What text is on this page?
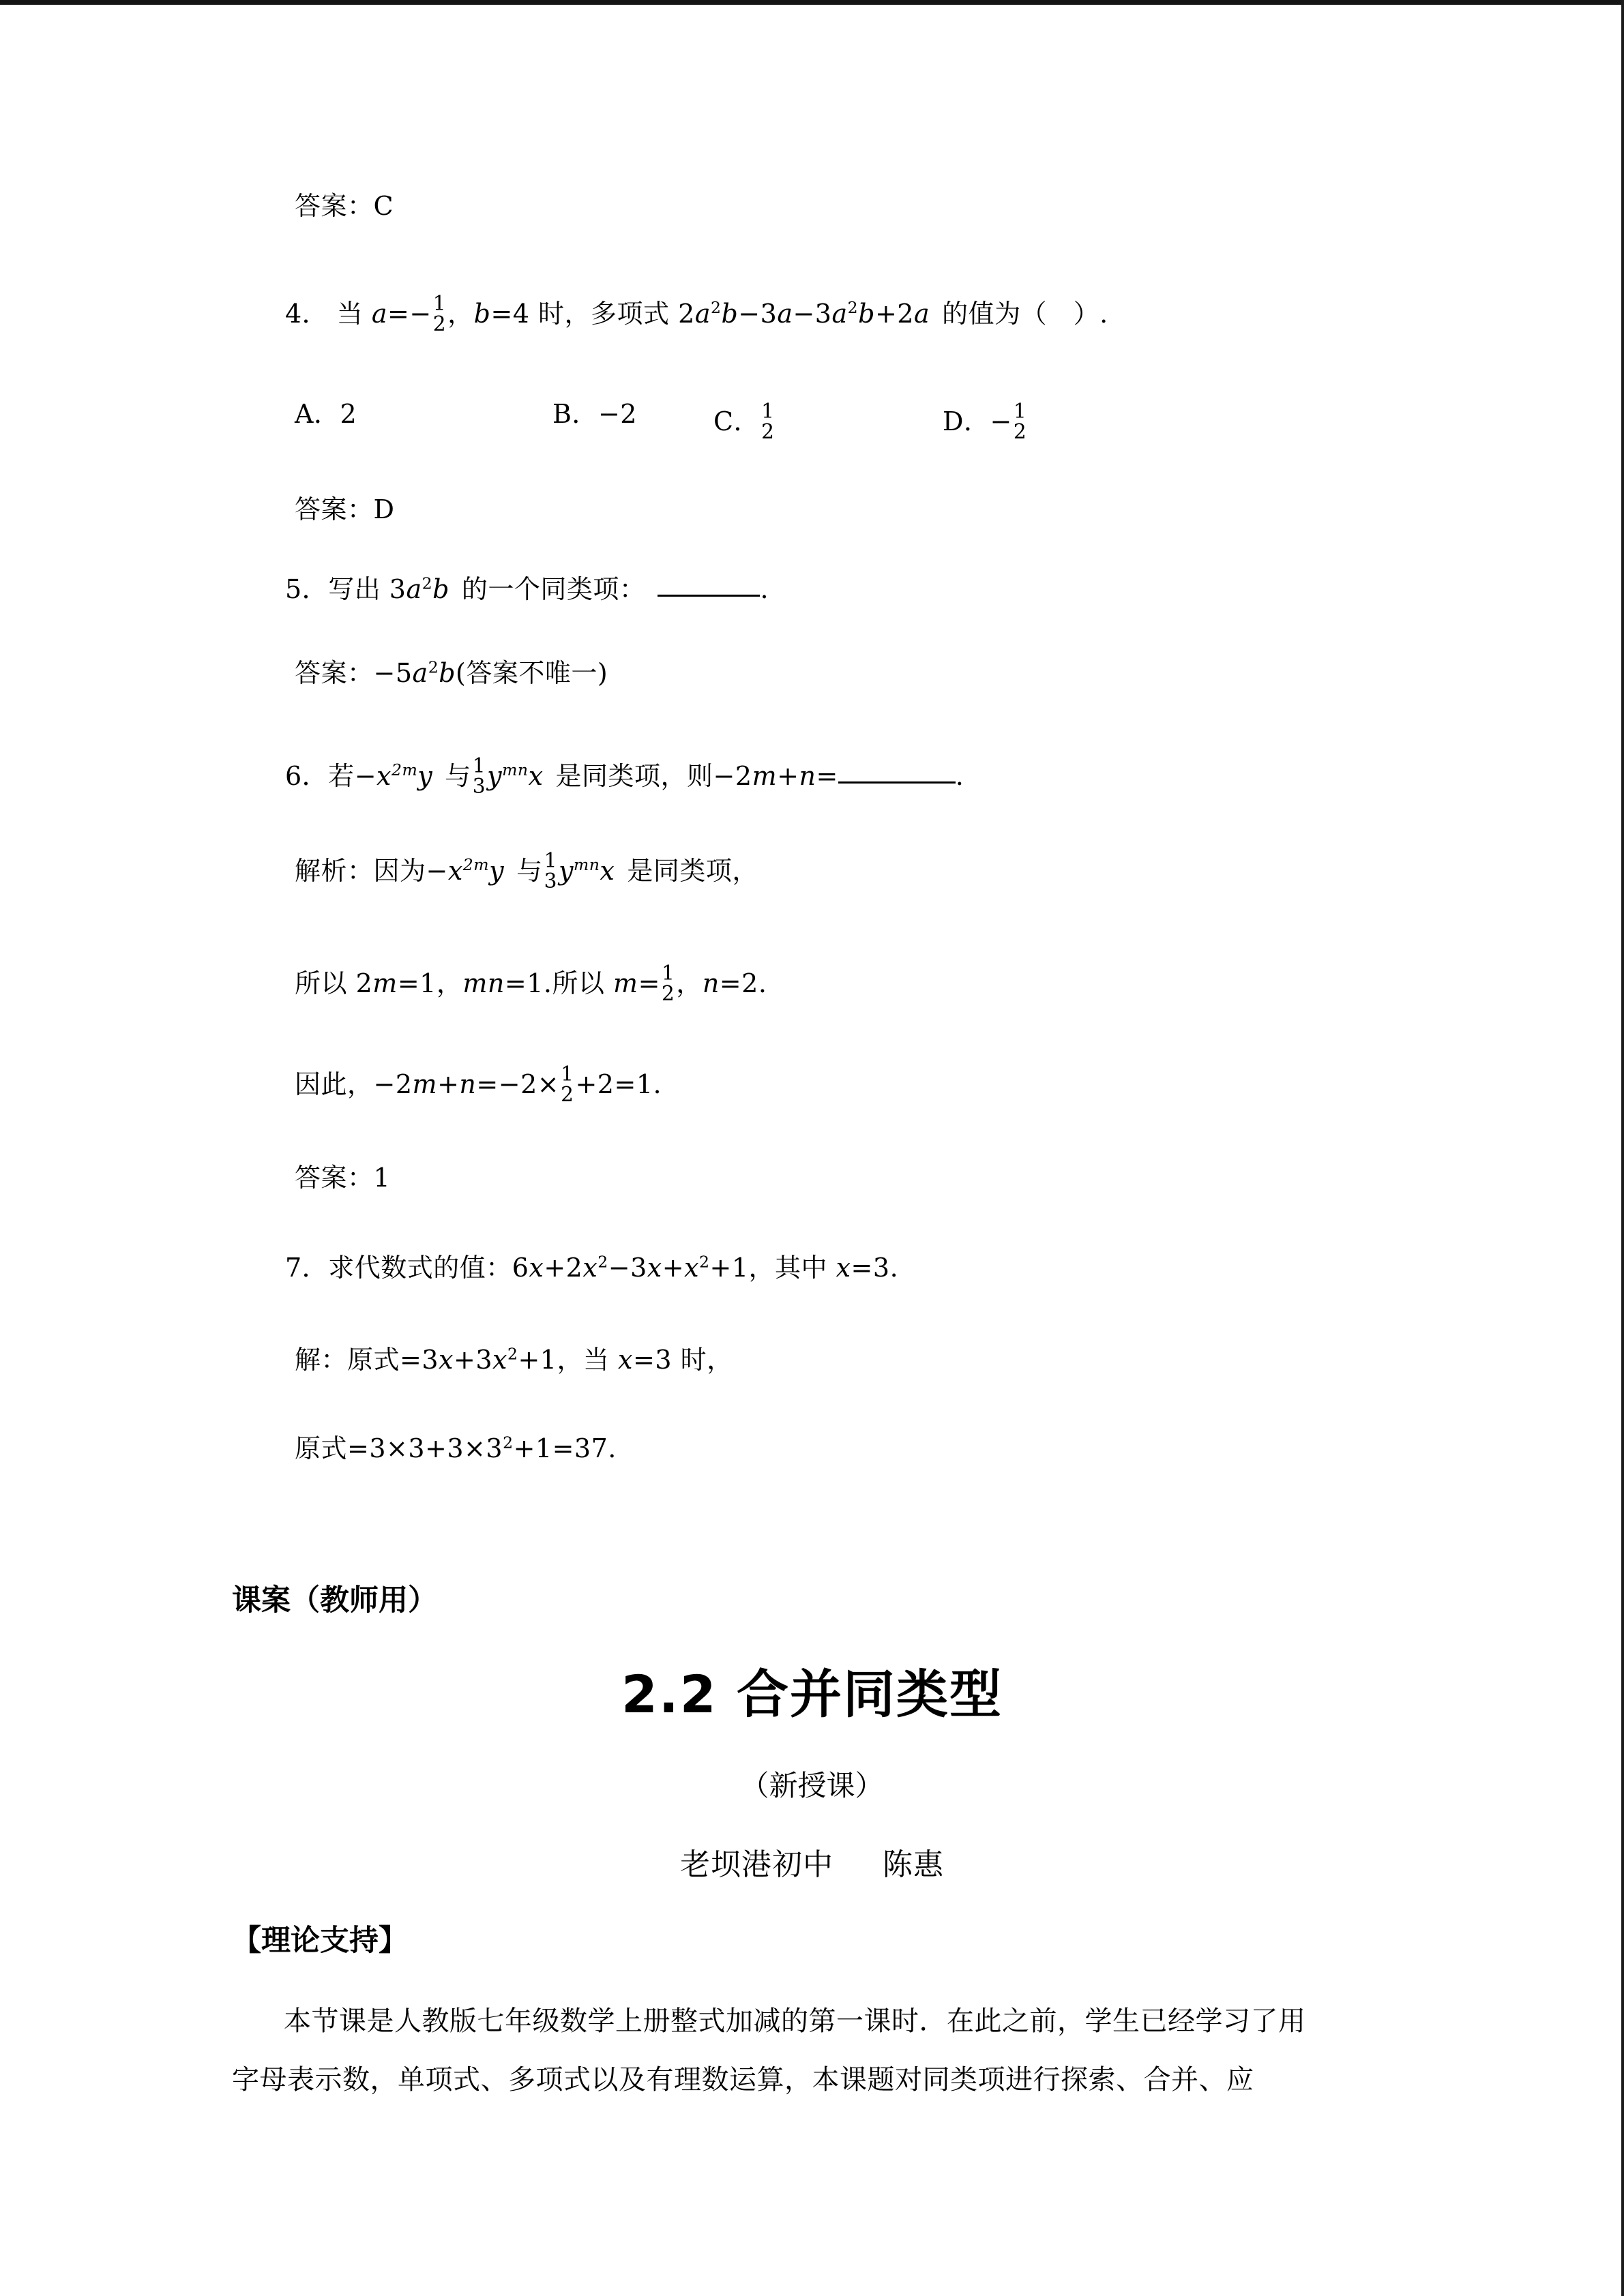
答案：C
4． 当 a=− 1
2 ，b=4 时，多项式 $2a^2b-3a-3a^2b+2a$ 的值为（　）.
A．2	B．−2	C． 1
2	D．− 1
2
答案：D
5．写出 $3a^2b$ 的一个同类项：	.
答案：$-5a^2b$(答案不唯一)
6．若$-x^{2m}y$ 与 1
3 $y^{mn}x$ 是同类项，则−2m+n=	.
解析：因为$-x^{2m}y$ 与 1
3 $y^{mn}x$ 是同类项，
所以 2m=1，mn=1.所以 m= 1
2 ，n=2.
因此，−2m+n=−2× 1
2 +2=1.
答案：1
7．求代数式的值：$6x+2x^2-3x+x^2+1$，其中 x=3.
解：原式$=3x+3x^2+1$，当 x=3 时，
原式$=3\times 3+3\times 3^2+1=37$.
课案（教师用）
2.2 合并同类型
（新授课）
老坝港初中 陈惠
【理论支持】
本节课是人教版七年级数学上册整式加减的第一课时．在此之前，学生已经学习了用
字母表示数，单项式、多项式以及有理数运算，本课题对同类项进行探索、合并、应
